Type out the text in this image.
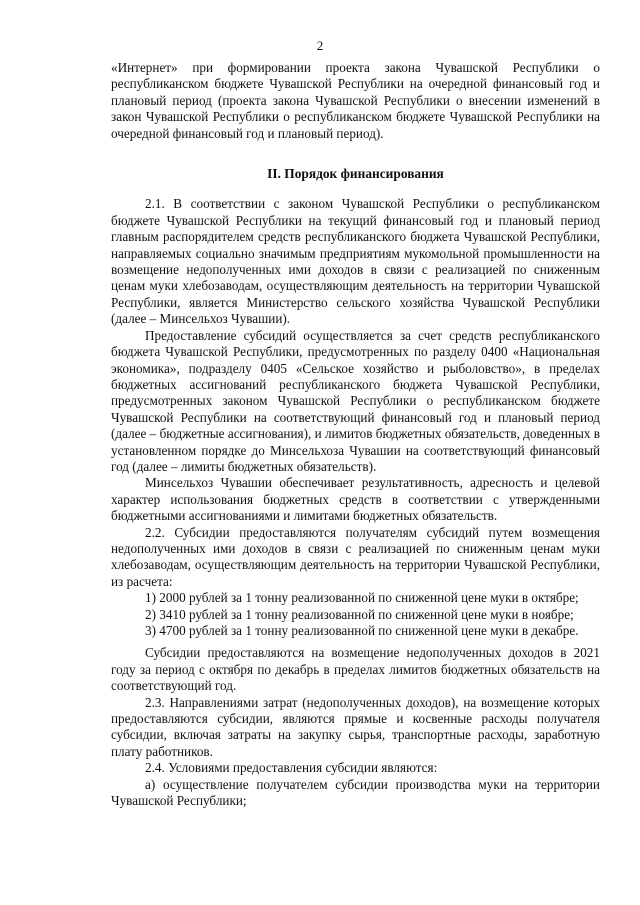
2

«Интернет» при формировании проекта закона Чувашской Республики о республиканском бюджете Чувашской Республики на очередной финансовый год и плановый период (проекта закона Чувашской Республики о внесении изменений в закон Чувашской Республики о республиканском бюджете Чувашской Республики на очередной финансовый год и плановый период).

II. Порядок финансирования

2.1. В соответствии с законом Чувашской Республики о республиканском бюджете Чувашской Республики на текущий финансовый год и плановый период главным распорядителем средств республиканского бюджета Чувашской Республики, направляемых социально значимым предприятиям мукомольной промышленности на возмещение недополученных ими доходов в связи с реализацией по сниженным ценам муки хлебозаводам, осуществляющим деятельность на территории Чувашской Республики, является Министерство сельского хозяйства Чувашской Республики (далее – Минсельхоз Чувашии).

Предоставление субсидий осуществляется за счет средств республиканского бюджета Чувашской Республики, предусмотренных по разделу 0400 «Национальная экономика», подразделу 0405 «Сельское хозяйство и рыболовство», в пределах бюджетных ассигнований республиканского бюджета Чувашской Республики, предусмотренных законом Чувашской Республики о республиканском бюджете Чувашской Республики на соответствующий финансовый год и плановый период (далее – бюджетные ассигнования), и лимитов бюджетных обязательств, доведенных в установленном порядке до Минсельхоза Чувашии на соответствующий финансовый год (далее – лимиты бюджетных обязательств).

Минсельхоз Чувашии обеспечивает результативность, адресность и целевой характер использования бюджетных средств в соответствии с утвержденными бюджетными ассигнованиями и лимитами бюджетных обязательств.

2.2. Субсидии предоставляются получателям субсидий путем возмещения недополученных ими доходов в связи с реализацией по сниженным ценам муки хлебозаводам, осуществляющим деятельность на территории Чувашской Республики, из расчета:

1) 2000 рублей за 1 тонну реализованной по сниженной цене муки в октябре;

2) 3410 рублей за 1 тонну реализованной по сниженной цене муки в ноябре;

3) 4700 рублей за 1 тонну реализованной по сниженной цене муки в декабре.

Субсидии предоставляются на возмещение недополученных доходов в 2021 году за период с октября по декабрь в пределах лимитов бюджетных обязательств на соответствующий год.

2.3. Направлениями затрат (недополученных доходов), на возмещение которых предоставляются субсидии, являются прямые и косвенные расходы получателя субсидии, включая затраты на закупку сырья, транспортные расходы, заработную плату работников.

2.4. Условиями предоставления субсидии являются:

а) осуществление получателем субсидии производства муки на территории Чувашской Республики;
